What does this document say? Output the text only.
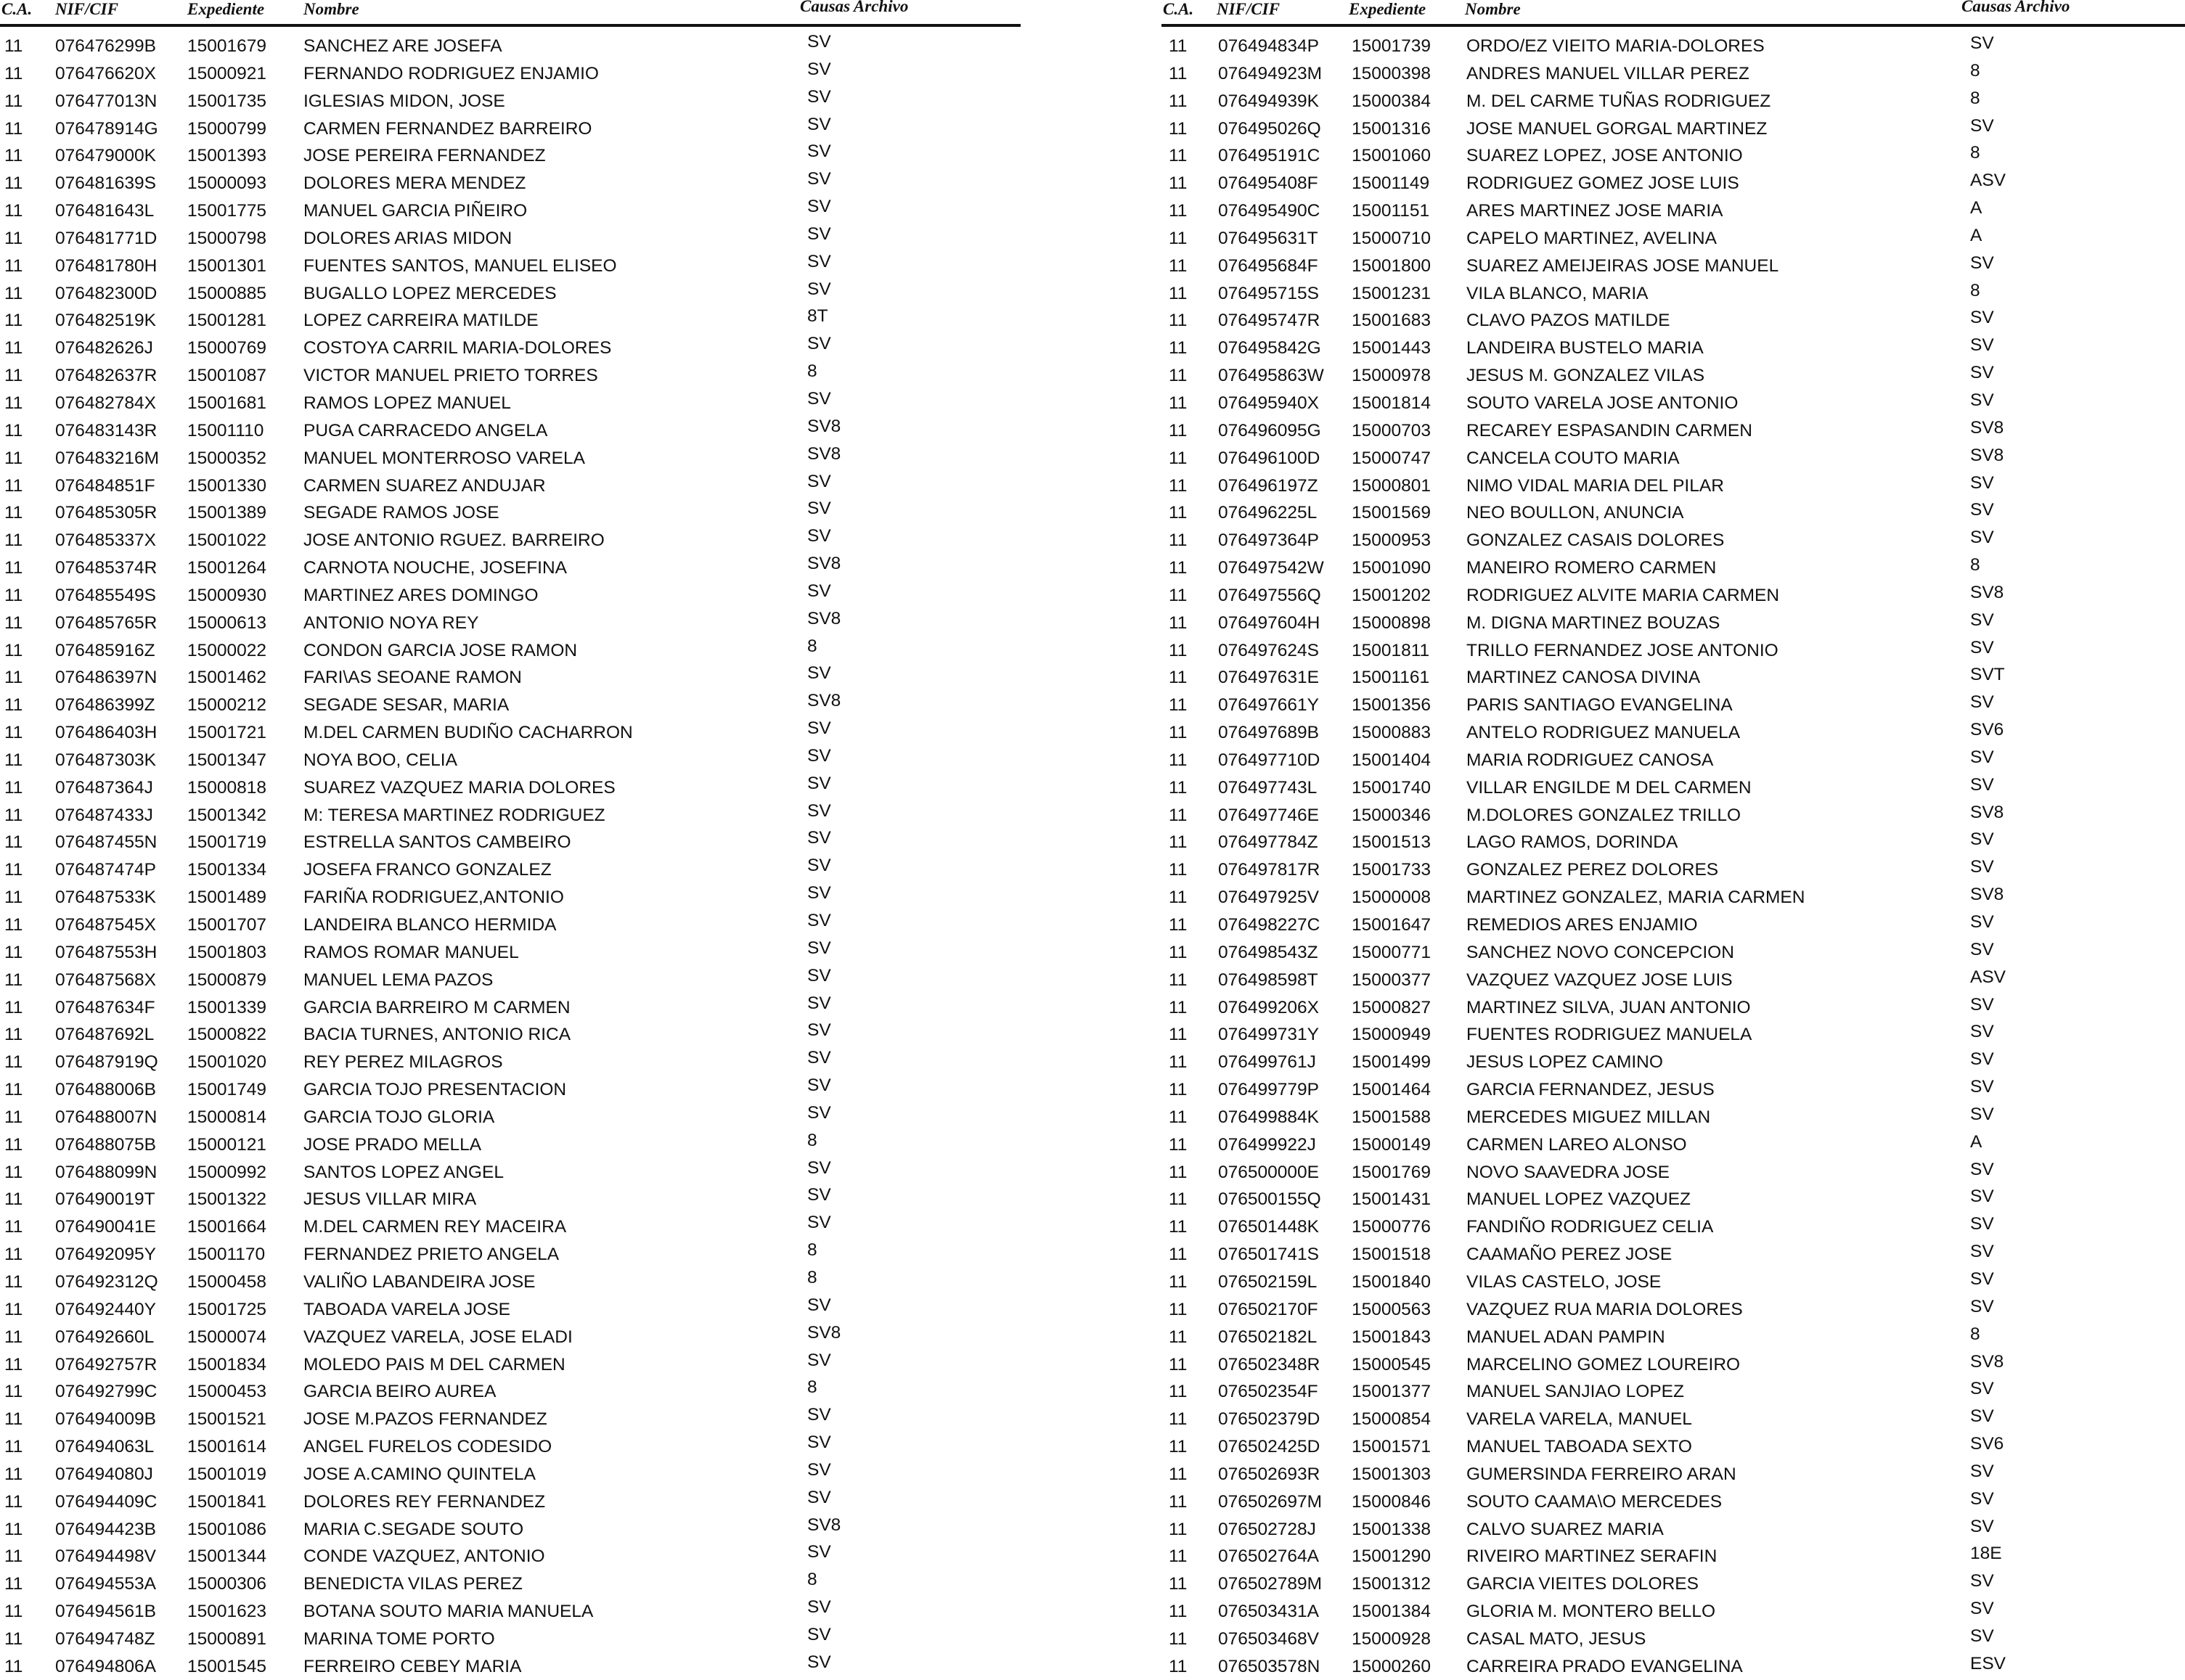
C.A. NIF/CIF	Expediente Nombre	Causas Archivo
11 076476299B 15001679 SANCHEZ ARE JOSEFA	SV
11 076476620X 15000921 FERNANDO RODRIGUEZ ENJAMIO	SV
11 076477013N 15001735 IGLESIAS MIDON, JOSE	SV
11 076478914G 15000799 CARMEN FERNANDEZ BARREIRO	SV
11 076479000K 15001393 JOSE PEREIRA FERNANDEZ	SV
11 076481639S 15000093 DOLORES MERA MENDEZ	SV
11 076481643L 15001775 MANUEL GARCIA PIÑEIRO	SV
11 076481771D 15000798 DOLORES ARIAS MIDON	SV
11 076481780H 15001301 FUENTES SANTOS, MANUEL ELISEO	SV
11 076482300D 15000885 BUGALLO LOPEZ MERCEDES	SV
11 076482519K 15001281 LOPEZ CARREIRA MATILDE	8T
11 076482626J 15000769 COSTOYA CARRIL MARIA-DOLORES	SV
11 076482637R 15001087 VICTOR MANUEL PRIETO TORRES	8
11 076482784X 15001681 RAMOS LOPEZ MANUEL	SV
11 076483143R 15001110 PUGA CARRACEDO ANGELA	SV8
11 076483216M 15000352 MANUEL MONTERROSO VARELA	SV8
11 076484851F 15001330 CARMEN SUAREZ ANDUJAR	SV
11 076485305R 15001389 SEGADE RAMOS JOSE	SV
11 076485337X 15001022 JOSE ANTONIO RGUEZ. BARREIRO	SV
11 076485374R 15001264 CARNOTA NOUCHE, JOSEFINA	SV8
11 076485549S 15000930 MARTINEZ ARES DOMINGO	SV
11 076485765R 15000613 ANTONIO NOYA REY	SV8
11 076485916Z 15000022 CONDON GARCIA JOSE RAMON	8
11 076486397N 15001462 FARI\AS SEOANE RAMON	SV
11 076486399Z 15000212 SEGADE SESAR, MARIA	SV8
11 076486403H 15001721 M.DEL CARMEN BUDIÑO CACHARRON	SV
11 076487303K 15001347 NOYA BOO, CELIA	SV
11 076487364J 15000818 SUAREZ VAZQUEZ MARIA DOLORES	SV
11 076487433J 15001342 M: TERESA MARTINEZ RODRIGUEZ	SV
11 076487455N 15001719 ESTRELLA SANTOS CAMBEIRO	SV
11 076487474P 15001334 JOSEFA FRANCO GONZALEZ	SV
11 076487533K 15001489 FARIÑA RODRIGUEZ,ANTONIO	SV
11 076487545X 15001707 LANDEIRA BLANCO HERMIDA	SV
11 076487553H 15001803 RAMOS ROMAR MANUEL	SV
11 076487568X 15000879 MANUEL LEMA PAZOS	SV
11 076487634F 15001339 GARCIA BARREIRO M CARMEN	SV
11 076487692L 15000822 BACIA TURNES, ANTONIO RICA	SV
11 076487919Q 15001020 REY PEREZ MILAGROS	SV
11 076488006B 15001749 GARCIA TOJO PRESENTACION	SV
11 076488007N 15000814 GARCIA TOJO GLORIA	SV
11 076488075B 15000121 JOSE PRADO MELLA	8
11 076488099N 15000992 SANTOS LOPEZ ANGEL	SV
11 076490019T 15001322 JESUS VILLAR MIRA	SV
11 076490041E 15001664 M.DEL CARMEN REY MACEIRA	SV
11 076492095Y 15001170 FERNANDEZ PRIETO ANGELA	8
11 076492312Q 15000458 VALIÑO LABANDEIRA JOSE	8
11 076492440Y 15001725 TABOADA VARELA JOSE	SV
11 076492660L 15000074 VAZQUEZ VARELA, JOSE ELADI	SV8
11 076492757R 15001834 MOLEDO PAIS M DEL CARMEN	SV
11 076492799C 15000453 GARCIA BEIRO AUREA	8
11 076494009B 15001521 JOSE M.PAZOS FERNANDEZ	SV
11 076494063L 15001614 ANGEL FURELOS CODESIDO	SV
11 076494080J 15001019 JOSE A.CAMINO QUINTELA	SV
11 076494409C 15001841 DOLORES REY FERNANDEZ	SV
11 076494423B 15001086 MARIA C.SEGADE SOUTO	SV8
11 076494498V 15001344 CONDE VAZQUEZ, ANTONIO	SV
11 076494553A 15000306 BENEDICTA VILAS PEREZ	8
11 076494561B 15001623 BOTANA SOUTO MARIA MANUELA	SV
11 076494748Z 15000891 MARINA TOME PORTO	SV
11 076494806A 15001545 FERREIRO CEBEY MARIA	SV
C.A. NIF/CIF	Expediente Nombre	Causas Archivo
11 076494834P 15001739 ORDO/EZ VIEITO MARIA-DOLORES	SV
11 076494923M 15000398 ANDRES MANUEL VILLAR PEREZ	8
11 076494939K 15000384 M. DEL CARME TUÑAS RODRIGUEZ	8
11 076495026Q 15001316 JOSE MANUEL GORGAL MARTINEZ	SV
11 076495191C 15001060 SUAREZ LOPEZ, JOSE ANTONIO	8
11 076495408F 15001149 RODRIGUEZ GOMEZ JOSE LUIS	ASV
11 076495490C 15001151 ARES MARTINEZ JOSE MARIA	A
11 076495631T 15000710 CAPELO MARTINEZ, AVELINA	A
11 076495684F 15001800 SUAREZ AMEIJEIRAS JOSE MANUEL	SV
11 076495715S 15001231 VILA BLANCO, MARIA	8
11 076495747R 15001683 CLAVO PAZOS MATILDE	SV
11 076495842G 15001443 LANDEIRA BUSTELO MARIA	SV
11 076495863W 15000978 JESUS M. GONZALEZ VILAS	SV
11 076495940X 15001814 SOUTO VARELA JOSE ANTONIO	SV
11 076496095G 15000703 RECAREY ESPASANDIN CARMEN	SV8
11 076496100D 15000747 CANCELA COUTO MARIA	SV8
11 076496197Z 15000801 NIMO VIDAL MARIA DEL PILAR	SV
11 076496225L 15001569 NEO BOULLON, ANUNCIA	SV
11 076497364P 15000953 GONZALEZ CASAIS DOLORES	SV
11 076497542W 15001090 MANEIRO ROMERO CARMEN	8
11 076497556Q 15001202 RODRIGUEZ ALVITE MARIA CARMEN	SV8
11 076497604H 15000898 M. DIGNA MARTINEZ BOUZAS	SV
11 076497624S 15001811 TRILLO FERNANDEZ JOSE ANTONIO	SV
11 076497631E 15001161 MARTINEZ CANOSA DIVINA	SVT
11 076497661Y 15001356 PARIS SANTIAGO EVANGELINA	SV
11 076497689B 15000883 ANTELO RODRIGUEZ MANUELA	SV6
11 076497710D 15001404 MARIA RODRIGUEZ CANOSA	SV
11 076497743L 15001740 VILLAR ENGILDE M DEL CARMEN	SV
11 076497746E 15000346 M.DOLORES GONZALEZ TRILLO	SV8
11 076497784Z 15001513 LAGO RAMOS, DORINDA	SV
11 076497817R 15001733 GONZALEZ PEREZ DOLORES	SV
11 076497925V 15000008 MARTINEZ GONZALEZ, MARIA CARMEN	SV8
11 076498227C 15001647 REMEDIOS ARES ENJAMIO	SV
11 076498543Z 15000771 SANCHEZ NOVO CONCEPCION	SV
11 076498598T 15000377 VAZQUEZ VAZQUEZ JOSE LUIS	ASV
11 076499206X 15000827 MARTINEZ SILVA, JUAN ANTONIO	SV
11 076499731Y 15000949 FUENTES RODRIGUEZ MANUELA	SV
11 076499761J 15001499 JESUS LOPEZ CAMINO	SV
11 076499779P 15001464 GARCIA FERNANDEZ, JESUS	SV
11 076499884K 15001588 MERCEDES MIGUEZ MILLAN	SV
11 076499922J 15000149 CARMEN LAREO ALONSO	A
11 076500000E 15001769 NOVO SAAVEDRA JOSE	SV
11 076500155Q 15001431 MANUEL LOPEZ VAZQUEZ	SV
11 076501448K 15000776 FANDIÑO RODRIGUEZ CELIA	SV
11 076501741S 15001518 CAAMAÑO PEREZ JOSE	SV
11 076502159L 15001840 VILAS CASTELO, JOSE	SV
11 076502170F 15000563 VAZQUEZ RUA MARIA DOLORES	SV
11 076502182L 15001843 MANUEL ADAN PAMPIN	8
11 076502348R 15000545 MARCELINO GOMEZ LOUREIRO	SV8
11 076502354F 15001377 MANUEL SANJIAO LOPEZ	SV
11 076502379D 15000854 VARELA VARELA, MANUEL	SV
11 076502425D 15001571 MANUEL TABOADA SEXTO	SV6
11 076502693R 15001303 GUMERSINDA FERREIRO ARAN	SV
11 076502697M 15000846 SOUTO CAAMA\O MERCEDES	SV
11 076502728J 15001338 CALVO SUAREZ MARIA	SV
11 076502764A 15001290 RIVEIRO MARTINEZ SERAFIN	18E
11 076502789M 15001312 GARCIA VIEITES DOLORES	SV
11 076503431A 15001384 GLORIA M. MONTERO BELLO	SV
11 076503468V 15000928 CASAL MATO, JESUS	SV
11 076503578N 15000260 CARREIRA PRADO EVANGELINA	ESV
